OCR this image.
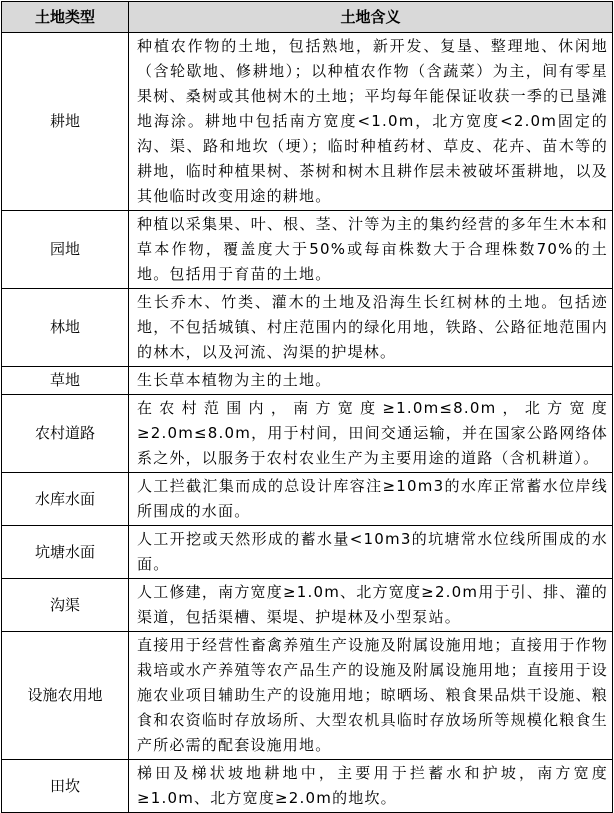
土地类型	土地含义
耕地	种植农作物的土地，包括熟地，新开发、复垦、整理地、休闲地（含轮歇地、修耕地）；以种植农作物（含蔬菜）为主，间有零星果树、桑树或其他树木的土地；平均每年能保证收获一季的已垦滩地海涂。耕地中包括南方宽度<1.0m，北方宽度<2.0m固定的沟、渠、路和地坎（埂）；临时种植药材、草皮、花卉、苗木等的耕地，临时种植果树、茶树和树木且耕作层未被破坏蛋耕地，以及其他临时改变用途的耕地。
园地	种植以采集果、叶、根、茎、汁等为主的集约经营的多年生木本和草本作物，覆盖度大于50%或每亩株数大于合理株数70%的土地。包括用于育苗的土地。
林地	生长乔木、竹类、灌木的土地及沿海生长红树林的土地。包括迹地，不包括城镇、村庄范围内的绿化用地，铁路、公路征地范围内的林木，以及河流、沟渠的护堤林。
草地	生长草本植物为主的土地。
农村道路	在农村范围内，南方宽度≥1.0m≤8.0m，北方宽度≥2.0m≤8.0m，用于村间，田间交通运输，并在国家公路网络体系之外，以服务于农村农业生产为主要用途的道路（含机耕道）。
水库水面	人工拦截汇集而成的总设计库容注≥10m3的水库正常蓄水位岸线所围成的水面。
坑塘水面	人工开挖或天然形成的蓄水量<10m3的坑塘常水位线所围成的水面。
沟渠	人工修建，南方宽度≥1.0m、北方宽度≥2.0m用于引、排、灌的渠道，包括渠槽、渠堤、护堤林及小型泵站。
设施农用地	直接用于经营性畜禽养殖生产设施及附属设施用地；直接用于作物栽培或水产养殖等农产品生产的设施及附属设施用地；直接用于设施农业项目辅助生产的设施用地；晾晒场、粮食果品烘干设施、粮食和农资临时存放场所、大型农机具临时存放场所等规模化粮食生产所必需的配套设施用地。
田坎	梯田及梯状坡地耕地中，主要用于拦蓄水和护坡，南方宽度≥1.0m、北方宽度≥2.0m的地坎。
